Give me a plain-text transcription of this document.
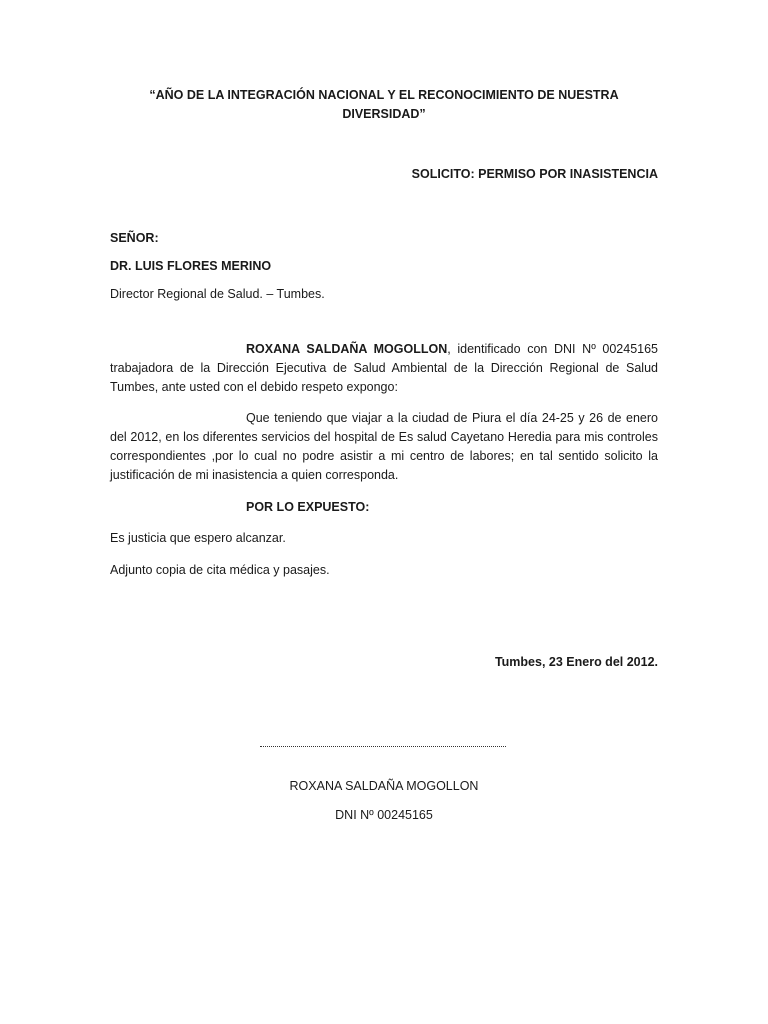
“AÑO DE LA INTEGRACIÓN NACIONAL Y EL RECONOCIMIENTO DE NUESTRA
DIVERSIDAD”
SOLICITO: PERMISO POR INASISTENCIA
SEÑOR:
DR. LUIS FLORES MERINO
Director Regional de Salud. – Tumbes.

ROXANA SALDAÑA MOGOLLON, identificado con DNI Nº 00245165 trabajadora de la Dirección Ejecutiva de Salud Ambiental de la Dirección Regional de Salud Tumbes, ante usted con el debido respeto expongo:

Que teniendo que viajar a la ciudad de Piura el día 24-25 y 26 de enero del 2012, en los diferentes servicios del hospital de Es salud Cayetano Heredia para mis controles correspondientes ,por lo cual no podre asistir a mi centro de labores; en tal sentido solicito la justificación de mi inasistencia a quien corresponda.

POR LO EXPUESTO:
Es justicia que espero alcanzar.
Adjunto copia de cita médica y pasajes.
Tumbes, 23 Enero del 2012.
ROXANA SALDAÑA MOGOLLON
DNI Nº 00245165
